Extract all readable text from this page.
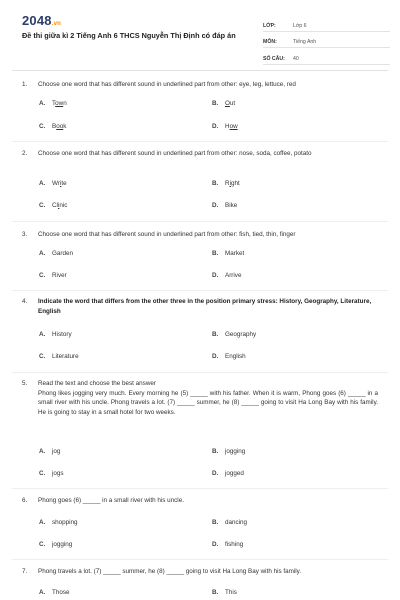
2048.vn
Đề thi giữa kì 2 Tiếng Anh 6 THCS Nguyễn Thị Định có đáp án
LỚP:	Lớp 6
MÔN:	Tiếng Anh
SỐ CÂU:	40
1. Choose one word that has different sound in underlined part from other: eye, leg, lettuce, red
A. Town	B. Out
C. Book	D. How
2. Choose one word that has different sound in underlined part from other: nose, soda, coffee, potato
A. Write	B. Right
C. Clinic	D. Bike
3. Choose one word that has different sound in underlined part from other: fish, tied, thin, finger
A. Garden	B. Market
C. River	D. Arrive
4. Indicate the word that differs from the other three in the position primary stress: History, Geography, Literature, English
A. History	B. Geography
C. Literature	D. English
5. Read the text and choose the best answer
Phong likes jogging very much. Every morning he (5) _____ with his father. When it is warm, Phong goes (6) _____ in a small river with his uncle. Phong travels a lot. (7) _____ summer, he (8) _____ going to visit Ha Long Bay with his family. He is going to stay in a small hotel for two weeks.
A. jog	B. jogging
C. jogs	D. jogged
6. Phong goes (6) _____ in a small river with his uncle.
A. shopping	B. dancing
C. jogging	D. fishing
7. Phong travels a lot. (7) _____ summer, he (8) _____ going to visit Ha Long Bay with his family.
A. Those	B. This
